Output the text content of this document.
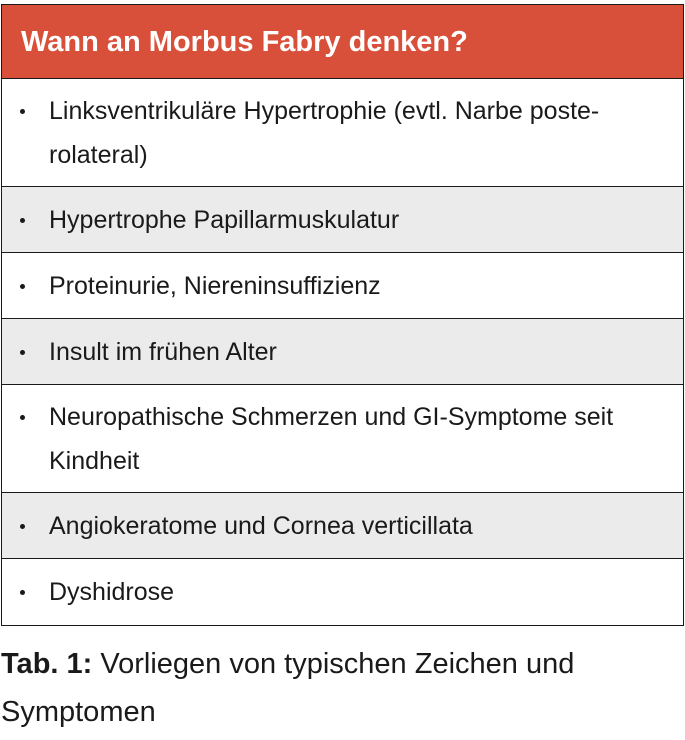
Wann an Morbus Fabry denken?
Linksventrikuläre Hypertrophie (evtl. Narbe posterolateral)
Hypertrophe Papillarmuskulatur
Proteinurie, Niereninsuffizienz
Insult im frühen Alter
Neuropathische Schmerzen und GI-Symptome seit Kindheit
Angiokeratome und Cornea verticillata
Dyshidrose
Tab. 1: Vorliegen von typischen Zeichen und Symptomen
